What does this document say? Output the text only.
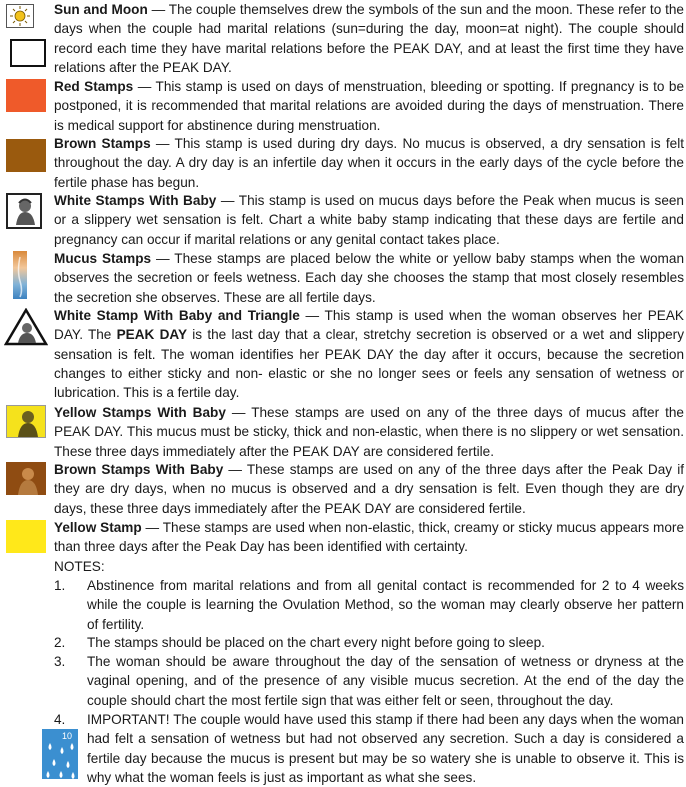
Sun and Moon — The couple themselves drew the symbols of the sun and the moon. These refer to the days when the couple had marital relations (sun=during the day, moon=at night). The couple should record each time they have marital relations before the PEAK DAY, and at least the first time they have relations after the PEAK DAY.
Red Stamps — This stamp is used on days of menstruation, bleeding or spotting. If pregnancy is to be postponed, it is recommended that marital relations are avoided during the days of menstruation. There is medical support for abstinence during menstruation.
Brown Stamps — This stamp is used during dry days. No mucus is observed, a dry sensation is felt throughout the day. A dry day is an infertile day when it occurs in the early days of the cycle before the fertile phase has begun.
White Stamps With Baby — This stamp is used on mucus days before the Peak when mucus is seen or a slippery wet sensation is felt. Chart a white baby stamp indicating that these days are fertile and pregnancy can occur if marital relations or any genital contact takes place.
Mucus Stamps — These stamps are placed below the white or yellow baby stamps when the woman observes the secretion or feels wetness. Each day she chooses the stamp that most closely resembles the secretion she observes. These are all fertile days.
White Stamp With Baby and Triangle — This stamp is used when the woman observes her PEAK DAY. The PEAK DAY is the last day that a clear, stretchy secretion is observed or a wet and slippery sensation is felt. The woman identifies her PEAK DAY the day after it occurs, because the secretion changes to either sticky and non- elastic or she no longer sees or feels any sensation of wetness or lubrication. This is a fertile day.
Yellow Stamps With Baby — These stamps are used on any of the three days of mucus after the PEAK DAY. This mucus must be sticky, thick and non-elastic, when there is no slippery or wet sensation. These three days immediately after the PEAK DAY are considered fertile.
Brown Stamps With Baby — These stamps are used on any of the three days after the Peak Day if they are dry days, when no mucus is observed and a dry sensation is felt. Even though they are dry days, these three days immediately after the PEAK DAY are considered fertile.
Yellow Stamp — These stamps are used when non-elastic, thick, creamy or sticky mucus appears more than three days after the Peak Day has been identified with certainty.
NOTES:
1.	Abstinence from marital relations and from all genital contact is recommended for 2 to 4 weeks while the couple is learning the Ovulation Method, so the woman may clearly observe her pattern of fertility.
2.	The stamps should be placed on the chart every night before going to sleep.
3.	The woman should be aware throughout the day of the sensation of wetness or dryness at the vaginal opening, and of the presence of any visible mucus secretion. At the end of the day the couple should chart the most fertile sign that was either felt or seen, throughout the day.
4.	IMPORTANT! The couple would have used this stamp if there had been any days when the woman had felt a sensation of wetness but had not observed any secretion. Such a day is considered a fertile day because the mucus is present but may be so watery she is unable to observe it. This is why what the woman feels is just as important as what she sees.
10
